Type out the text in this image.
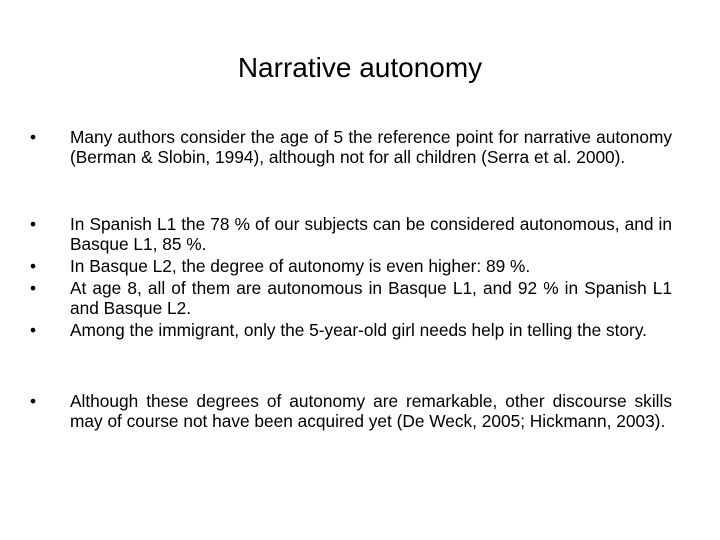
Narrative autonomy
• Many authors consider the age of 5 the reference point for narrative autonomy (Berman & Slobin, 1994), although not for all children (Serra et al. 2000).
• In Spanish L1 the 78 % of our subjects can be considered autonomous, and in Basque L1, 85 %.
• In Basque L2, the degree of autonomy is even higher: 89 %.
• At age 8, all of them are autonomous in Basque L1, and 92 % in Spanish L1 and Basque L2.
• Among the immigrant, only the 5-year-old girl needs help in telling the story.
• Although these degrees of autonomy are remarkable, other discourse skills may of course not have been acquired yet (De Weck, 2005; Hickmann, 2003).
